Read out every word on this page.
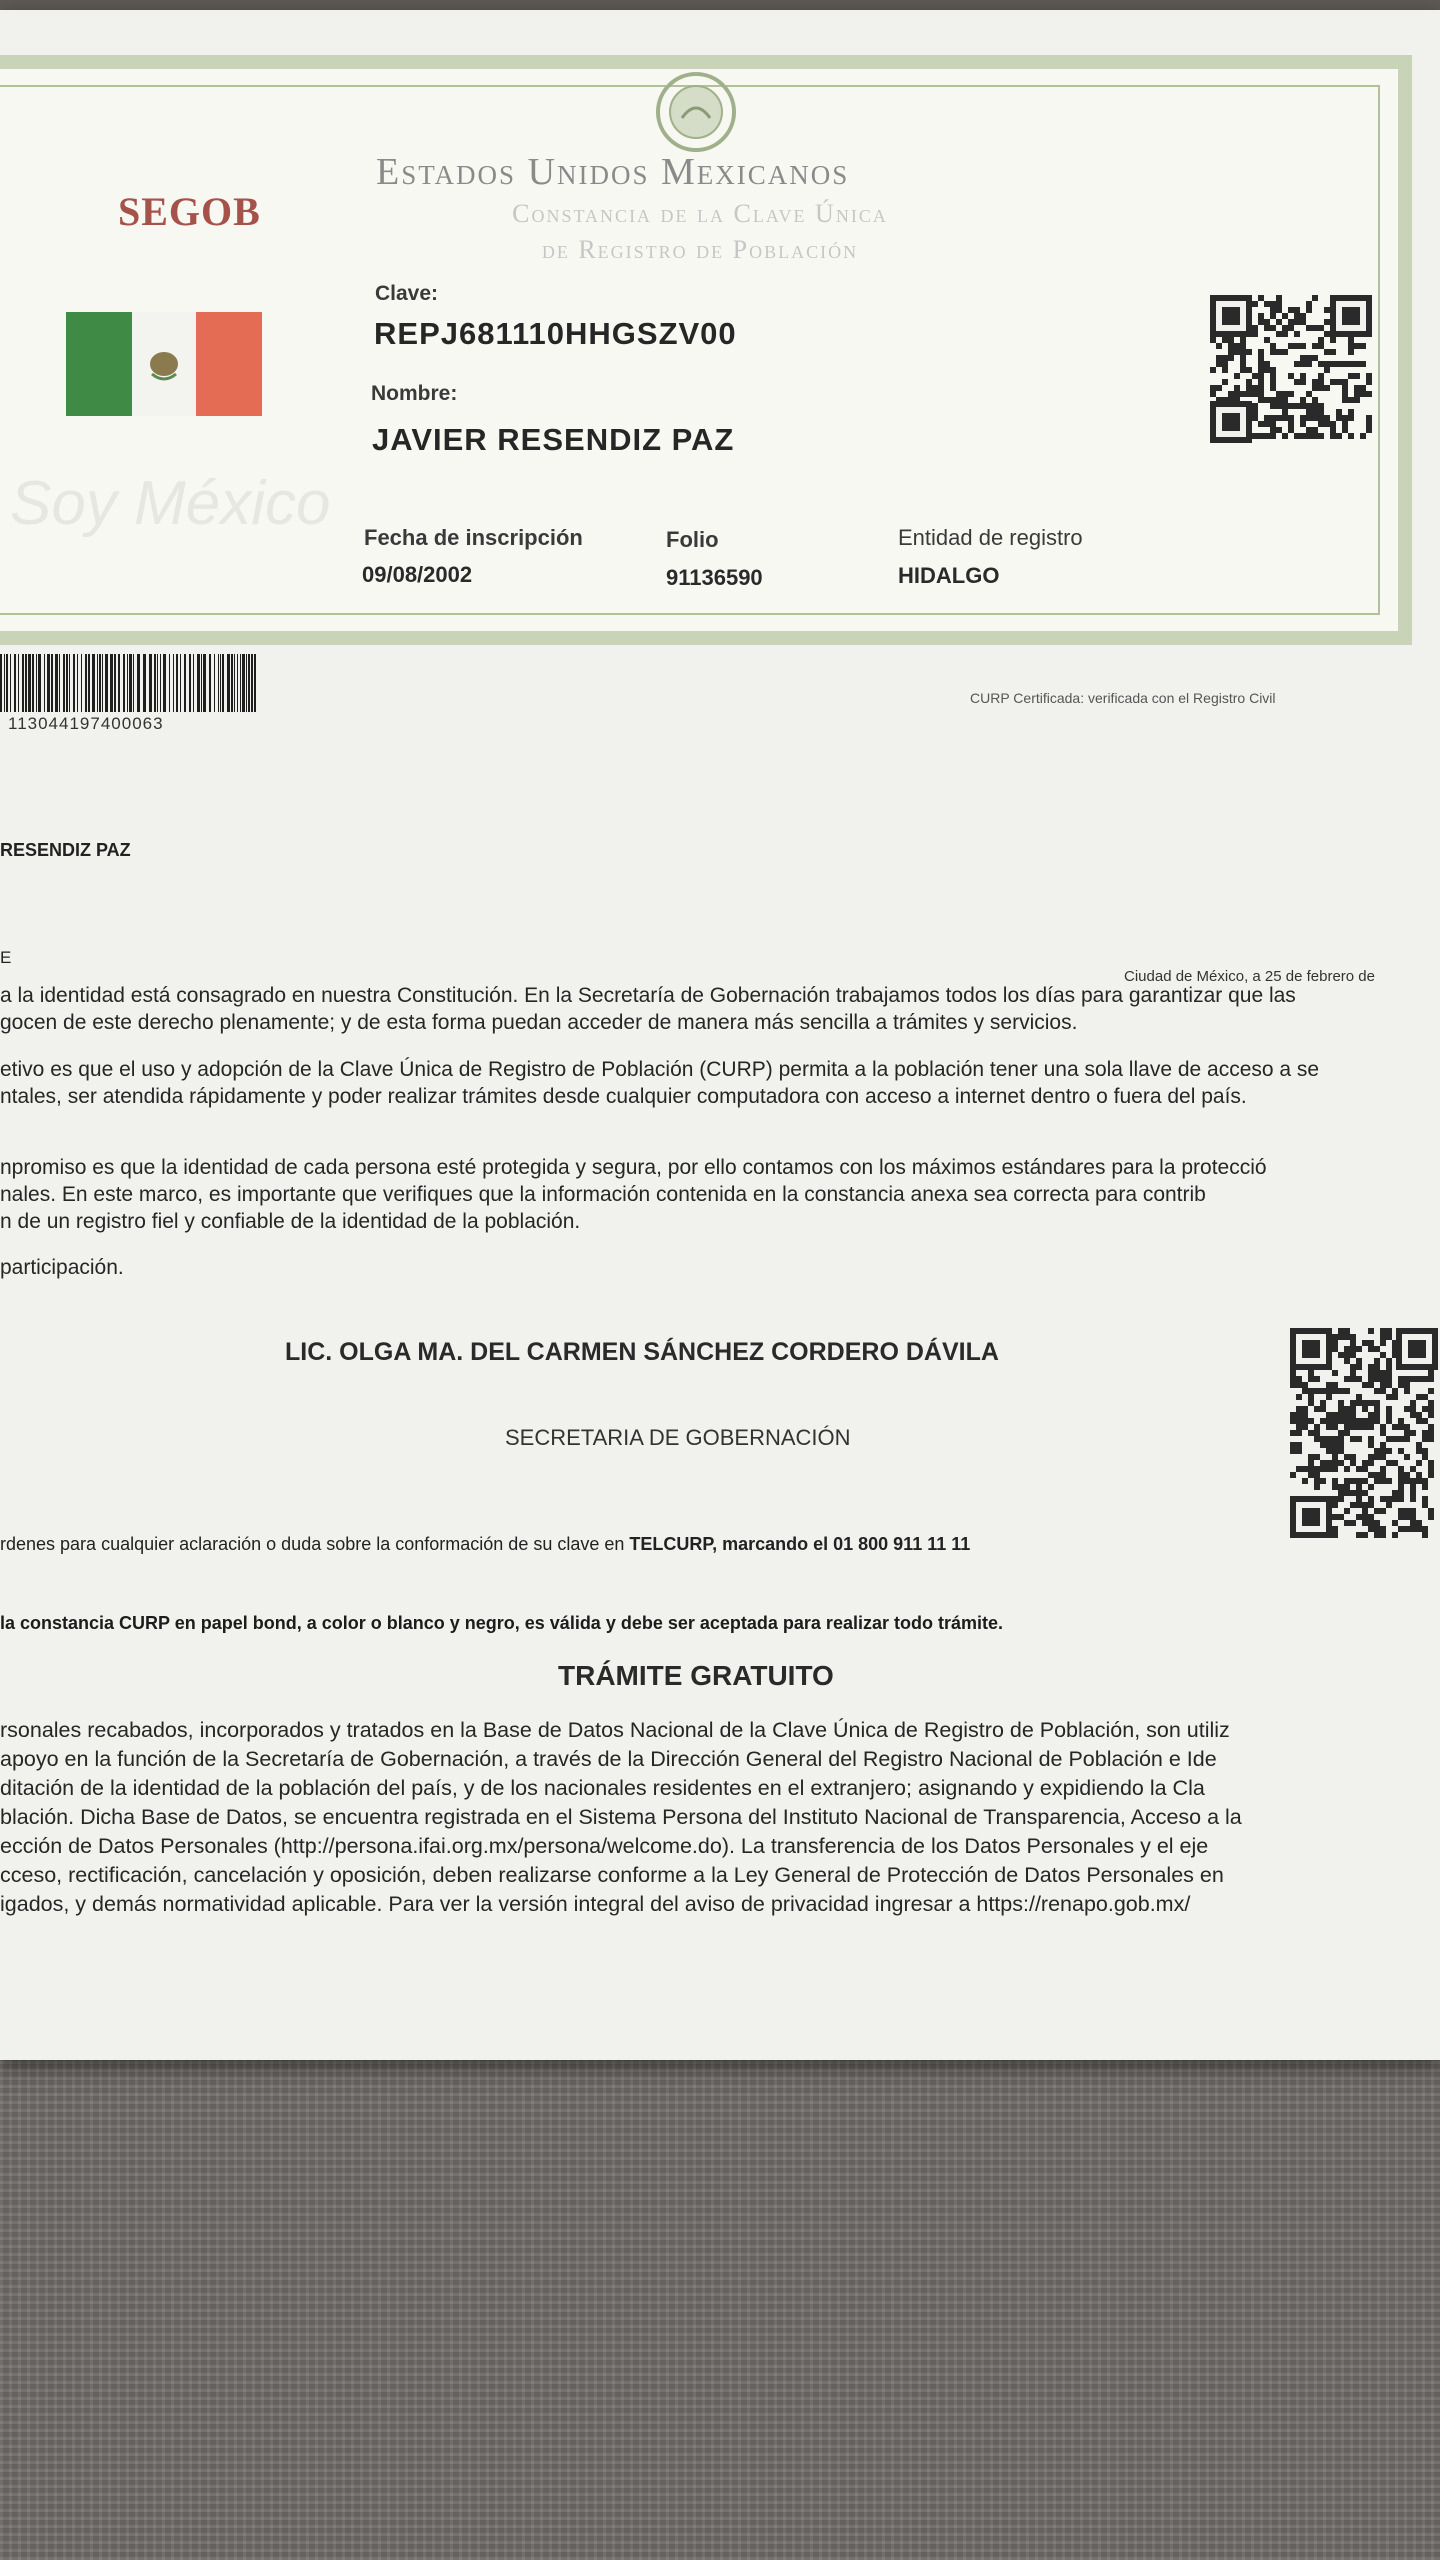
SEGOB
Estados Unidos Mexicanos
Constancia de la Clave Única
de Registro de Población
Soy México
Clave:
REPJ681110HHGSZV00
Nombre:
JAVIER RESENDIZ PAZ
Fecha de inscripción
09/08/2002
Folio
91136590
Entidad de registro
HIDALGO
113044197400063
CURP Certificada: verificada con el Registro Civil
RESENDIZ PAZ
E
Ciudad de México, a 25 de febrero de
a la identidad está consagrado en nuestra Constitución. En la Secretaría de Gobernación trabajamos todos los días para garantizar que las
gocen de este derecho plenamente; y de esta forma puedan acceder de manera más sencilla a trámites y servicios.
etivo es que el uso y adopción de la Clave Única de Registro de Población (CURP) permita a la población tener una sola llave de acceso a se
ntales, ser atendida rápidamente y poder realizar trámites desde cualquier computadora con acceso a internet dentro o fuera del país.
npromiso es que la identidad de cada persona esté protegida y segura, por ello contamos con los máximos estándares para la protecció
nales. En este marco, es importante que verifiques que la información contenida en la constancia anexa sea correcta para contrib
n de un registro fiel y confiable de la identidad de la población.
participación.
LIC. OLGA MA. DEL CARMEN SÁNCHEZ CORDERO DÁVILA
SECRETARIA DE GOBERNACIÓN
rdenes para cualquier aclaración o duda sobre la conformación de su clave en TELCURP, marcando el 01 800 911 11 11
la constancia CURP en papel bond, a color o blanco y negro, es válida y debe ser aceptada para realizar todo trámite.
TRÁMITE GRATUITO
rsonales recabados, incorporados y tratados en la Base de Datos Nacional de la Clave Única de Registro de Población, son utiliz
apoyo en la función de la Secretaría de Gobernación, a través de la Dirección General del Registro Nacional de Población e Ide
ditación de la identidad de la población del país, y de los nacionales residentes en el extranjero; asignando y expidiendo la Cla
blación. Dicha Base de Datos, se encuentra registrada en el Sistema Persona del Instituto Nacional de Transparencia, Acceso a la
ección de Datos Personales (http://persona.ifai.org.mx/persona/welcome.do). La transferencia de los Datos Personales y el eje
cceso, rectificación, cancelación y oposición, deben realizarse conforme a la Ley General de Protección de Datos Personales en
igados, y demás normatividad aplicable. Para ver la versión integral del aviso de privacidad ingresar a https://renapo.gob.mx/
